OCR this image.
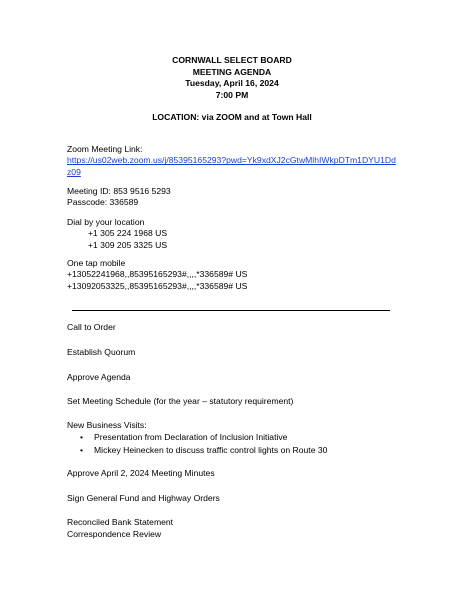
CORNWALL SELECT BOARD
MEETING AGENDA
Tuesday, April 16, 2024
7:00 PM
LOCATION: via ZOOM and at Town Hall
Zoom Meeting Link:
https://us02web.zoom.us/j/85395165293?pwd=Yk9xdXJ2cGtwMlhIWkpDTm1DYU1Ddz09
Meeting ID: 853 9516 5293
Passcode: 336589
Dial by your location
+1 305 224 1968 US
+1 309 205 3325 US
One tap mobile
+13052241968,,85395165293#,,,,*336589# US
+13092053325,,85395165293#,,,,*336589# US
Call to Order
Establish Quorum
Approve Agenda
Set Meeting Schedule (for the year – statutory requirement)
New Business Visits:
• Presentation from Declaration of Inclusion Initiative
• Mickey Heinecken to discuss traffic control lights on Route 30
Approve April 2, 2024 Meeting Minutes
Sign General Fund and Highway Orders
Reconciled Bank Statement
Correspondence Review
